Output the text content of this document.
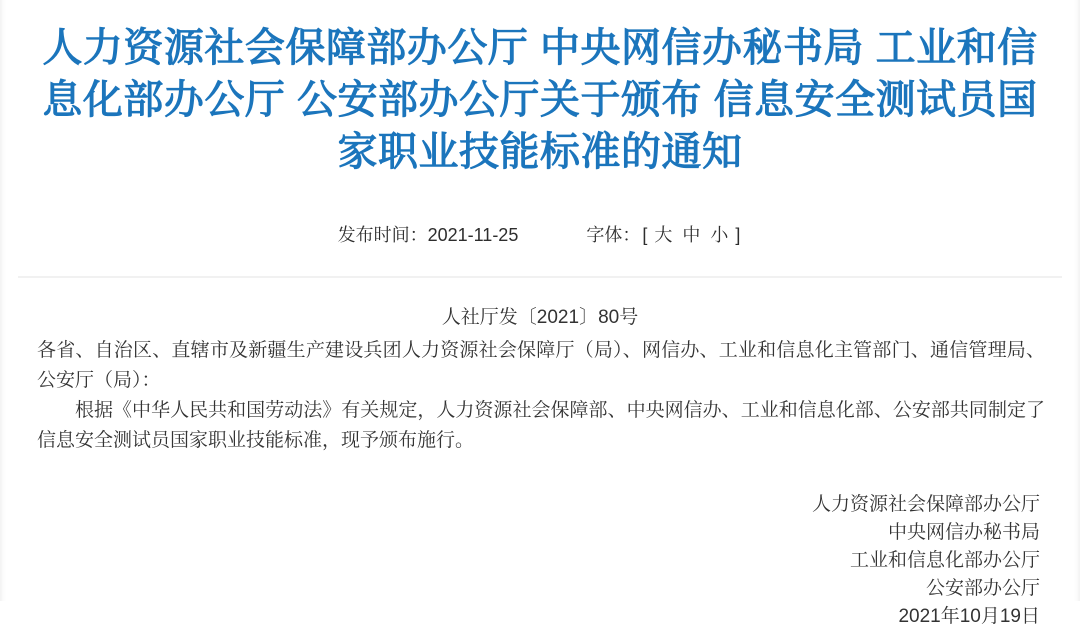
人力资源社会保障部办公厅 中央网信办秘书局 工业和信息化部办公厅 公安部办公厅关于颁布 信息安全测试员国家职业技能标准的通知
发布时间：2021-11-25	字体： [ 大 中 小 ]
人社厅发〔2021〕80号

各省、自治区、直辖市及新疆生产建设兵团人力资源社会保障厅（局）、网信办、工业和信息化主管部门、通信管理局、公安厅（局）：

根据《中华人民共和国劳动法》有关规定，人力资源社会保障部、中央网信办、工业和信息化部、公安部共同制定了信息安全测试员国家职业技能标准，现予颁布施行。

人力资源社会保障部办公厅
中央网信办秘书局
工业和信息化部办公厅
公安部办公厅
2021年10月19日
